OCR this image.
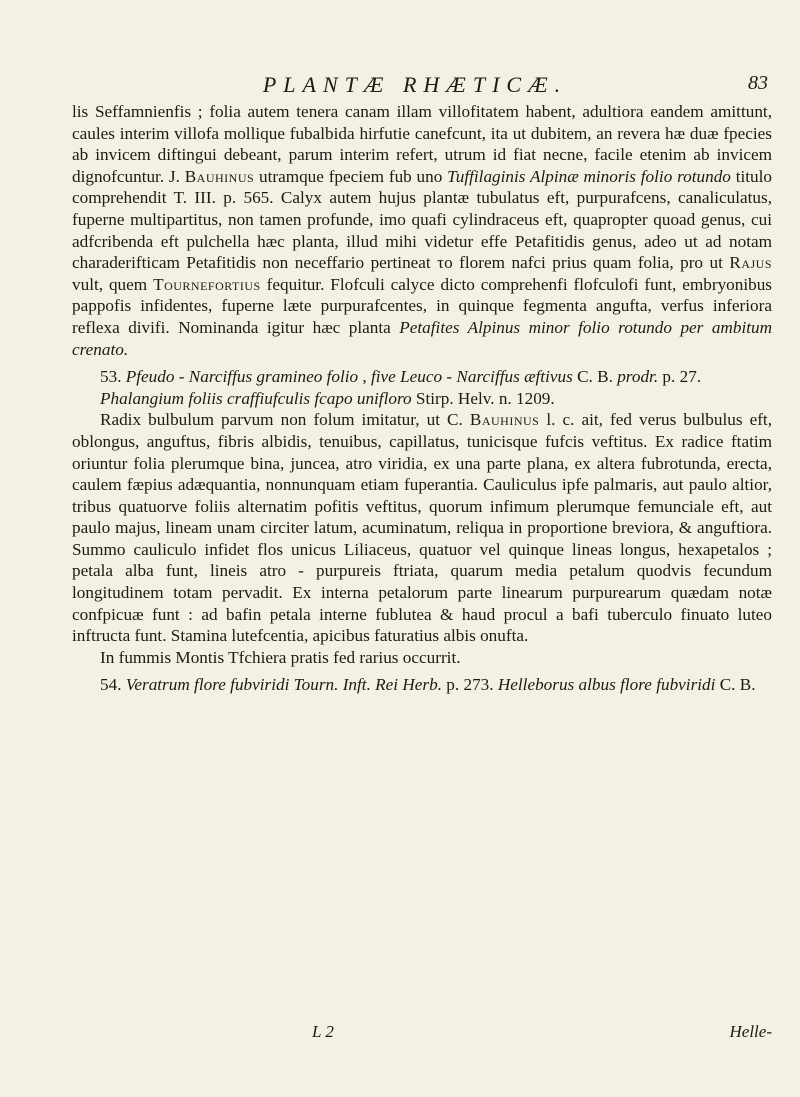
PLANTÆ RHÆTICÆ.	83

lis Seffamnienfis ; folia autem tenera canam illam villofitatem habent, adultiora eandem amittunt, caules interim villofa mollique fubalbida hirfutie canefcunt, ita ut dubitem, an revera hæ duæ fpecies ab invicem diftingui debeant, parum interim refert, utrum id fiat necne, facile etenim ab invicem dignofcuntur. J. Bauhinus utramque fpeciem fub uno Tuffilaginis Alpinæ minoris folio rotundo titulo comprehendit T. III. p. 565. Calyx autem hujus plantæ tubulatus eft, purpurafcens, canaliculatus, fuperne multipartitus, non tamen profunde, imo quafi cylindraceus eft, quapropter quoad genus, cui adfcribenda eft pulchella hæc planta, illud mihi videtur effe Petafitidis genus, adeo ut ad notam charaderifticam Petafitidis non neceffario pertineat το florem nafci prius quam folia, pro ut Rajus vult, quem Tournefortius fequitur. Flofculi calyce dicto comprehenfi flofculofi funt, embryonibus pappofis infidentes, fuperne læte purpurafcentes, in quinque fegmenta angufta, verfus inferiora reflexa divifi. Nominanda igitur hæc planta Petafites Alpinus minor folio rotundo per ambitum crenato.

53. Pfeudo - Narciffus gramineo folio , five Leuco - Narciffus æftivus C. B. prodr. p. 27.

Phalangium foliis craffiufculis fcapo unifloro Stirp. Helv. n. 1209.

Radix bulbulum parvum non folum imitatur, ut C. Bauhinus l. c. ait, fed verus bulbulus eft, oblongus, anguftus, fibris albidis, tenuibus, capillatus, tunicisque fufcis veftitus. Ex radice ftatim oriuntur folia plerumque bina, juncea, atro viridia, ex una parte plana, ex altera fubrotunda, erecta, caulem fæpius adæquantia, nonnunquam etiam fuperantia. Cauliculus ipfe palmaris, aut paulo altior, tribus quatuorve foliis alternatim pofitis veftitus, quorum infimum plerumque femunciale eft, aut paulo majus, lineam unam circiter latum, acuminatum, reliqua in proportione breviora, & anguftiora. Summo cauliculo infidet flos unicus Liliaceus, quatuor vel quinque lineas longus, hexapetalos ; petala alba funt, lineis atro - purpureis ftriata, quarum media petalum quodvis fecundum longitudinem totam pervadit. Ex interna petalorum parte linearum purpurearum quædam notæ confpicuæ funt : ad bafin petala interne fublutea & haud procul a bafi tuberculo finuato luteo inftructa funt. Stamina lutefcentia, apicibus faturatius albis onufta.

In fummis Montis Tfchiera pratis fed rarius occurrit.

54. Veratrum flore fubviridi Tourn. Inft. Rei Herb. p. 273. Helleborus albus flore fubviridi C. B.

L 2	Helle-
